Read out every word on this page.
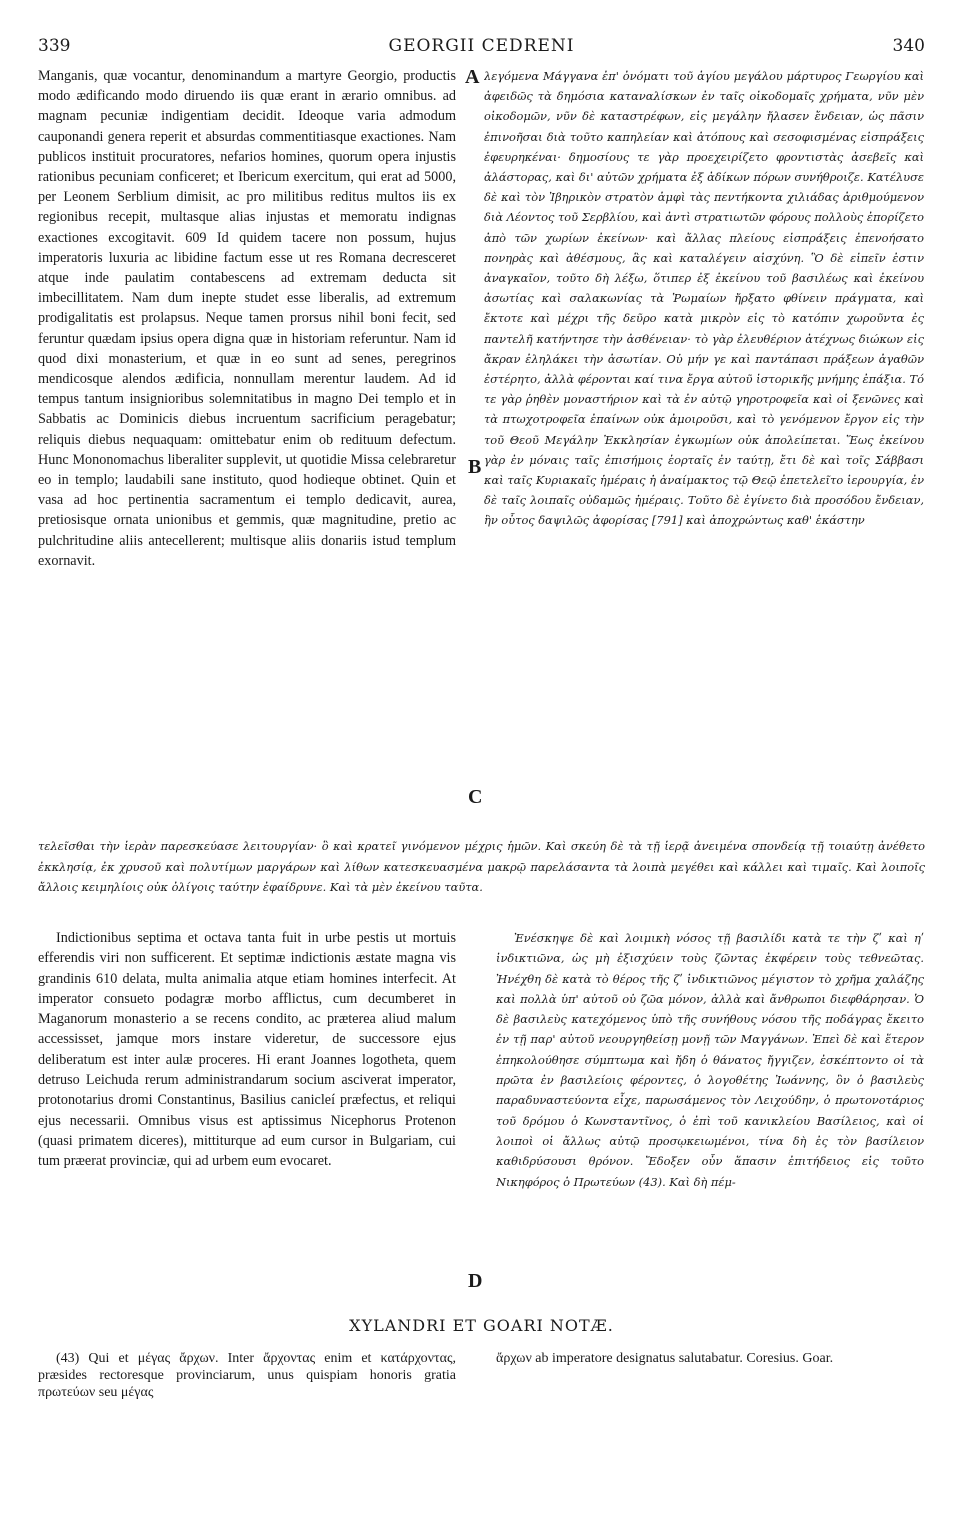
339	GEORGII CEDRENI	340

Manganis, quæ vocantur, denominandum a martyre Georgio, productis modo ædificando modo diruendo iis quæ erant in ærario omnibus. ad magnam pecuniæ indigentiam decidit. Ideoque varia admodum cauponandi genera reperit et absurdas commentitiasque exactiones. Nam publicos instituit procuratores, nefarios homines, quorum opera injustis rationibus pecuniam conficeret; et Ibericum exercitum, qui erat ad 5000, per Leonem Serblium dimisit, ac pro militibus reditus multos iis ex regionibus recepit, multasque alias injustas et memoratu indignas exactiones excogitavit. 609 Id quidem tacere non possum, hujus imperatoris luxuria ac libidine factum esse ut res Romana decresceret atque inde paulatim contabescens ad extremam deducta sit imbecillitatem. Nam dum inepte studet esse liberalis, ad extremum prodigalitatis est prolapsus. Neque tamen prorsus nihil boni fecit, sed feruntur quædam ipsius opera digna quæ in historiam referuntur. Nam id quod dixi monasterium, et quæ in eo sunt ad senes, peregrinos mendicosque alendos ædificia, nonnullam merentur laudem. Ad id tempus tantum insignioribus solemnitatibus in magno Dei templo et in Sabbatis ac Dominicis diebus incruentum sacrificium peragebatur; reliquis diebus nequaquam: omittebatur enim ob redituum defectum. Hunc Mononomachus liberaliter supplevit, ut quotidie Missa celebraretur eo in templo; laudabili sane instituto, quod hodieque obtinet. Quin et vasa ad hoc pertinentia sacramentum ei templo dedicavit, aurea, pretiosisque ornata unionibus et gemmis, quæ magnitudine, pretio ac pulchritudine aliis antecellerent; multisque aliis donariis istud templum exornavit.

λεγόμενα Μάγγανα ἐπ' ὀνόματι τοῦ ἁγίου μεγάλου μάρτυρος Γεωργίου καὶ ἀφειδῶς τὰ δημόσια καταναλίσκων ἐν ταῖς οἰκοδομαῖς χρήματα, νῦν μὲν οἰκοδομῶν, νῦν δὲ καταστρέφων, εἰς μεγάλην ἤλασεν ἔνδειαν, ὡς πᾶσιν ἐπινοῆσαι διὰ τοῦτο καπηλείαν καὶ ἀτόπους καὶ σεσοφισμένας εἰσπράξεις ἐφευρηκέναι· δημοσίους τε γὰρ προεχειρίζετο φροντιστὰς ἀσεβεῖς καὶ ἀλάστορας, καὶ δι' αὐτῶν χρήματα ἐξ ἀδίκων πόρων συνήθροιζε. Κατέλυσε δὲ καὶ τὸν Ἰβηρικὸν στρατὸν ἀμφὶ τὰς πεντήκοντα χιλιάδας ἀριθμούμενον διὰ Λέοντος τοῦ Σερβλίου, καὶ ἀντὶ στρατιωτῶν φόρους πολλοὺς ἐπορίζετο ἀπὸ τῶν χωρίων ἐκείνων· καὶ ἄλλας πλείους εἰσπράξεις ἐπενοήσατο πονηρὰς καὶ ἀθέσμους, ἃς καὶ καταλέγειν αἰσχύνη. Ὃ δὲ εἰπεῖν ἐστιν ἀναγκαῖον, τοῦτο δὴ λέξω, ὅτιπερ ἐξ ἐκείνου τοῦ βασιλέως καὶ ἐκείνου ἀσωτίας καὶ σαλακωνίας τὰ Ῥωμαίων ἤρξατο φθίνειν πράγματα, καὶ ἔκτοτε καὶ μέχρι τῆς δεῦρο κατὰ μικρὸν εἰς τὸ κατόπιν χωροῦντα ἐς παντελῆ κατήντησε τὴν ἀσθένειαν· τὸ γὰρ ἐλευθέριον ἀτέχνως διώκων εἰς ἄκραν ἐληλάκει τὴν ἀσωτίαν. Οὐ μήν γε καὶ παντάπασι πράξεων ἀγαθῶν ἐστέρητο, ἀλλὰ φέρονται καί τινα ἔργα αὐτοῦ ἱστορικῆς μνήμης ἐπάξια. Τό τε γὰρ ῥηθὲν μοναστήριον καὶ τὰ ἐν αὐτῷ γηροτροφεῖα καὶ οἱ ξενῶνες καὶ τὰ πτωχοτροφεῖα ἐπαίνων οὐκ ἀμοιροῦσι, καὶ τὸ γενόμενον ἔργον εἰς τὴν τοῦ Θεοῦ Μεγάλην Ἐκκλησίαν ἐγκωμίων οὐκ ἀπολείπεται. Ἕως ἐκείνου γὰρ ἐν μόναις ταῖς ἐπισήμοις ἑορταῖς ἐν ταύτῃ, ἔτι δὲ καὶ τοῖς Σάββασι καὶ ταῖς Κυριακαῖς ἡμέραις ἡ ἀναίμακτος τῷ Θεῷ ἐπετελεῖτο ἱερουργία, ἐν δὲ ταῖς λοιπαῖς οὐδαμῶς ἡμέραις. Τοῦτο δὲ ἐγίνετο διὰ προσόδου ἔνδειαν, ἣν οὗτος δαψιλῶς ἀφορίσας [791] καὶ ἀποχρώντως καθ' ἑκάστην

A
B
C
D

τελεῖσθαι τὴν ἱερὰν παρεσκεύασε λειτουργίαν· ὃ καὶ κρατεῖ γινόμενον μέχρις ἡμῶν. Καὶ σκεύη δὲ τὰ τῇ ἱερᾷ ἀνειμένα σπονδείᾳ τῇ τοιαύτῃ ἀνέθετο ἐκκλησίᾳ, ἐκ χρυσοῦ καὶ πολυτίμων μαργάρων καὶ λίθων κατεσκευασμένα μακρῷ παρελάσαντα τὰ λοιπὰ μεγέθει καὶ κάλλει καὶ τιμαῖς. Καὶ λοιποῖς ἄλλοις κειμηλίοις οὐκ ὀλίγοις ταύτην ἐφαίδρυνε. Καὶ τὰ μὲν ἐκείνου ταῦτα.

Indictionibus septima et octava tanta fuit in urbe pestis ut mortuis efferendis viri non sufficerent. Et septimæ indictionis æstate magna vis grandinis 610 delata, multa animalia atque etiam homines interfecit. At imperator consueto podagræ morbo afflictus, cum decumberet in Maganorum monasterio a se recens condito, ac præterea aliud malum accessisset, jamque mors instare videretur, de successore ejus deliberatum est inter aulæ proceres. Hi erant Joannes logotheta, quem detruso Leichuda rerum administrandarum socium asciverat imperator, protonotarius dromi Constantinus, Basilius canicleí præfectus, et reliqui ejus necessarii. Omnibus visus est aptissimus Nicephorus Protenon (quasi primatem diceres), mittiturque ad eum cursor in Bulgariam, cui tum præerat provinciæ, qui ad urbem eum evocaret.

Ἐνέσκηψε δὲ καὶ λοιμικὴ νόσος τῇ βασιλίδι κατὰ τε τὴν ζʹ καὶ ηʹ ἰνδικτιῶνα, ὡς μὴ ἐξισχύειν τοὺς ζῶντας ἐκφέρειν τοὺς τεθνεῶτας. Ἠνέχθη δὲ κατὰ τὸ θέρος τῆς ζʹ ἰνδικτιῶνος μέγιστον τὸ χρῆμα χαλάζης καὶ πολλὰ ὑπ' αὐτοῦ οὐ ζῶα μόνον, ἀλλὰ καὶ ἄνθρωποι διεφθάρησαν. Ὁ δὲ βασιλεὺς κατεχόμενος ὑπὸ τῆς συνήθους νόσου τῆς ποδάγρας ἔκειτο ἐν τῇ παρ' αὐτοῦ νεουργηθείσῃ μονῇ τῶν Μαγγάνων. Ἐπεὶ δὲ καὶ ἕτερον ἐπηκολούθησε σύμπτωμα καὶ ἤδη ὁ θάνατος ἤγγιζεν, ἐσκέπτοντο οἱ τὰ πρῶτα ἐν βασιλείοις φέροντες, ὁ λογοθέτης Ἰωάννης, ὃν ὁ βασιλεὺς παραδυναστεύοντα εἶχε, παρωσάμενος τὸν Λειχούδην, ὁ πρωτονοτάριος τοῦ δρόμου ὁ Κωνσταντῖνος, ὁ ἐπὶ τοῦ κανικλείου Βασίλειος, καὶ οἱ λοιποὶ οἱ ἄλλως αὐτῷ προσῳκειωμένοι, τίνα δὴ ἐς τὸν βασίλειον καθιδρύσουσι θρόνον. Ἔδοξεν οὖν ἅπασιν ἐπιτήδειος εἰς τοῦτο Νικηφόρος ὁ Πρωτεύων (43). Καὶ δὴ πέμ-

XYLANDRI ET GOARI NOTÆ.

(43) Qui et μέγας ἄρχων. Inter ἄρχοντας enim et κατάρχοντας, præsides rectoresque provinciarum, unus quispiam honoris gratia πρωτεύων seu μέγας

ἄρχων ab imperatore designatus salutabatur. Coresius. Goar.
